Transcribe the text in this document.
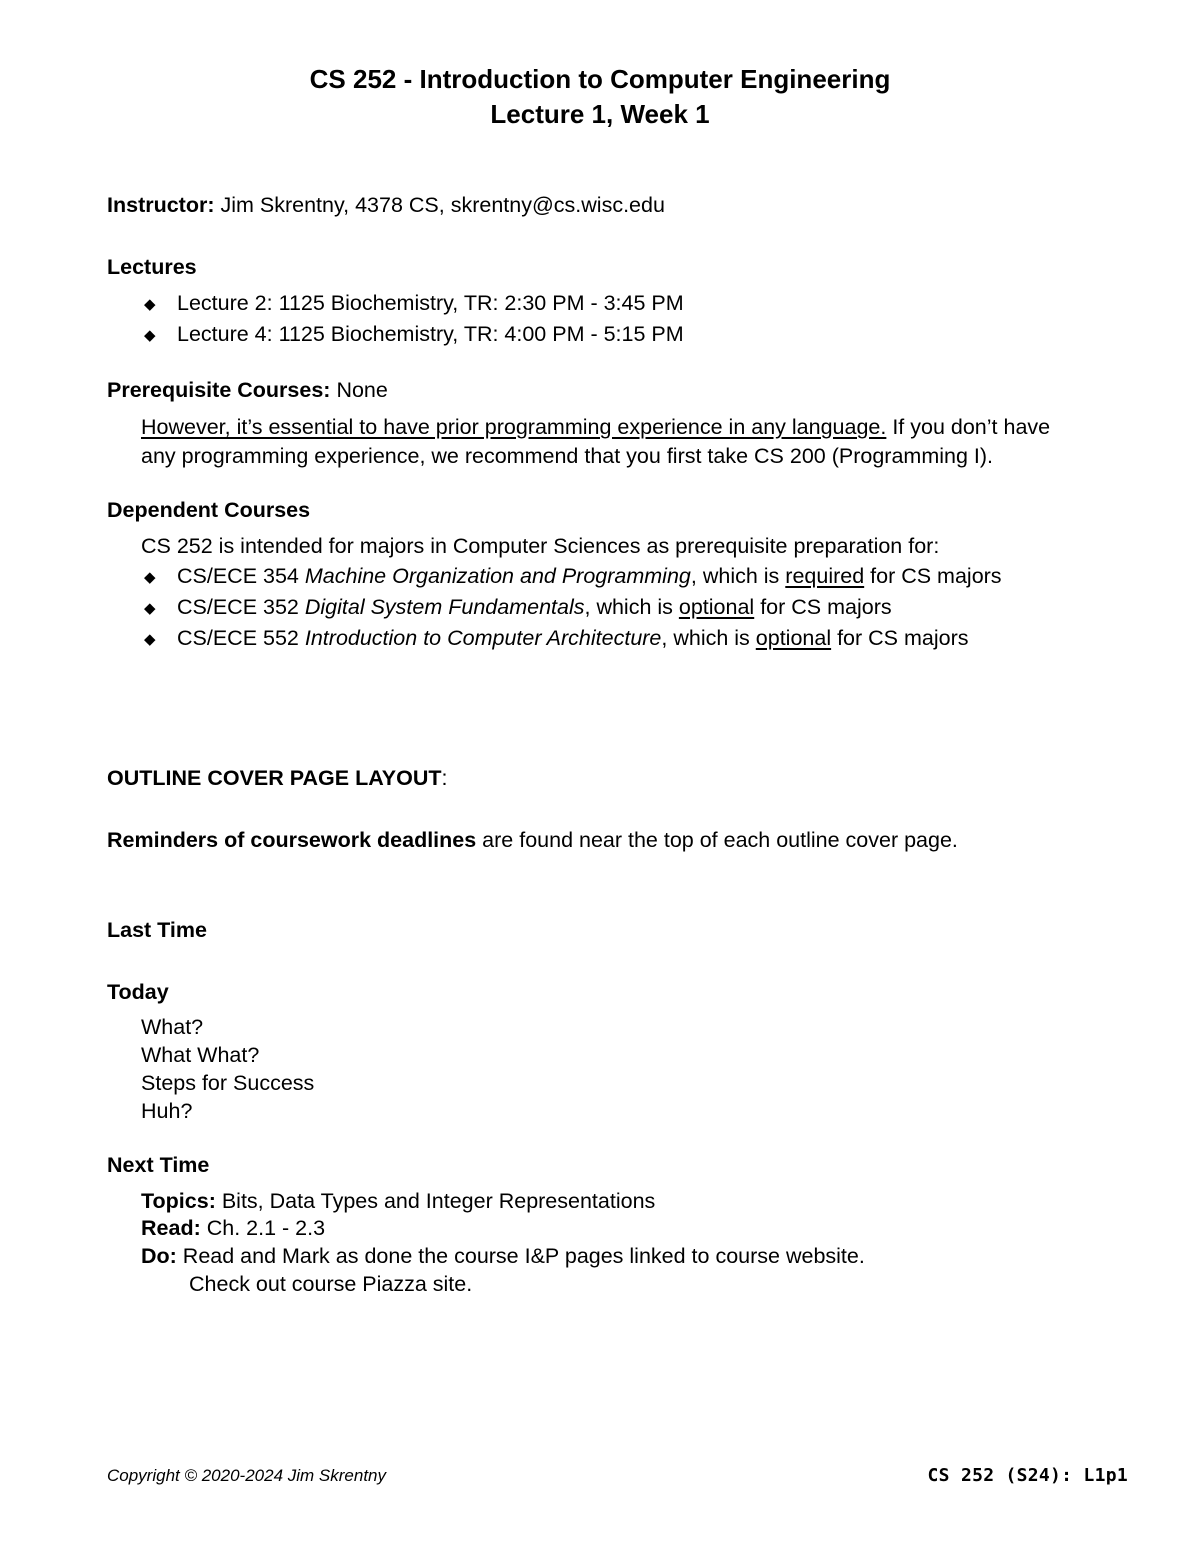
CS 252 - Introduction to Computer Engineering
Lecture 1, Week 1
Instructor: Jim Skrentny, 4378 CS, skrentny@cs.wisc.edu
Lectures
◆ Lecture 2: 1125 Biochemistry, TR: 2:30 PM - 3:45 PM
◆ Lecture 4: 1125 Biochemistry, TR: 4:00 PM - 5:15 PM
Prerequisite Courses: None
However, it’s essential to have prior programming experience in any language. If you don’t have
any programming experience, we recommend that you first take CS 200 (Programming I).
Dependent Courses
CS 252 is intended for majors in Computer Sciences as prerequisite preparation for:
◆ CS/ECE 354 Machine Organization and Programming, which is required for CS majors
◆ CS/ECE 352 Digital System Fundamentals, which is optional for CS majors
◆ CS/ECE 552 Introduction to Computer Architecture, which is optional for CS majors
OUTLINE COVER PAGE LAYOUT:
Reminders of coursework deadlines are found near the top of each outline cover page.
Last Time
Today
What?
What What?
Steps for Success
Huh?
Next Time
Topics: Bits, Data Types and Integer Representations
Read: Ch. 2.1 - 2.3
Do: Read and Mark as done the course I&P pages linked to course website.
Check out course Piazza site.
Copyright © 2020-2024 Jim Skrentny	CS 252 (S24): L1p1
